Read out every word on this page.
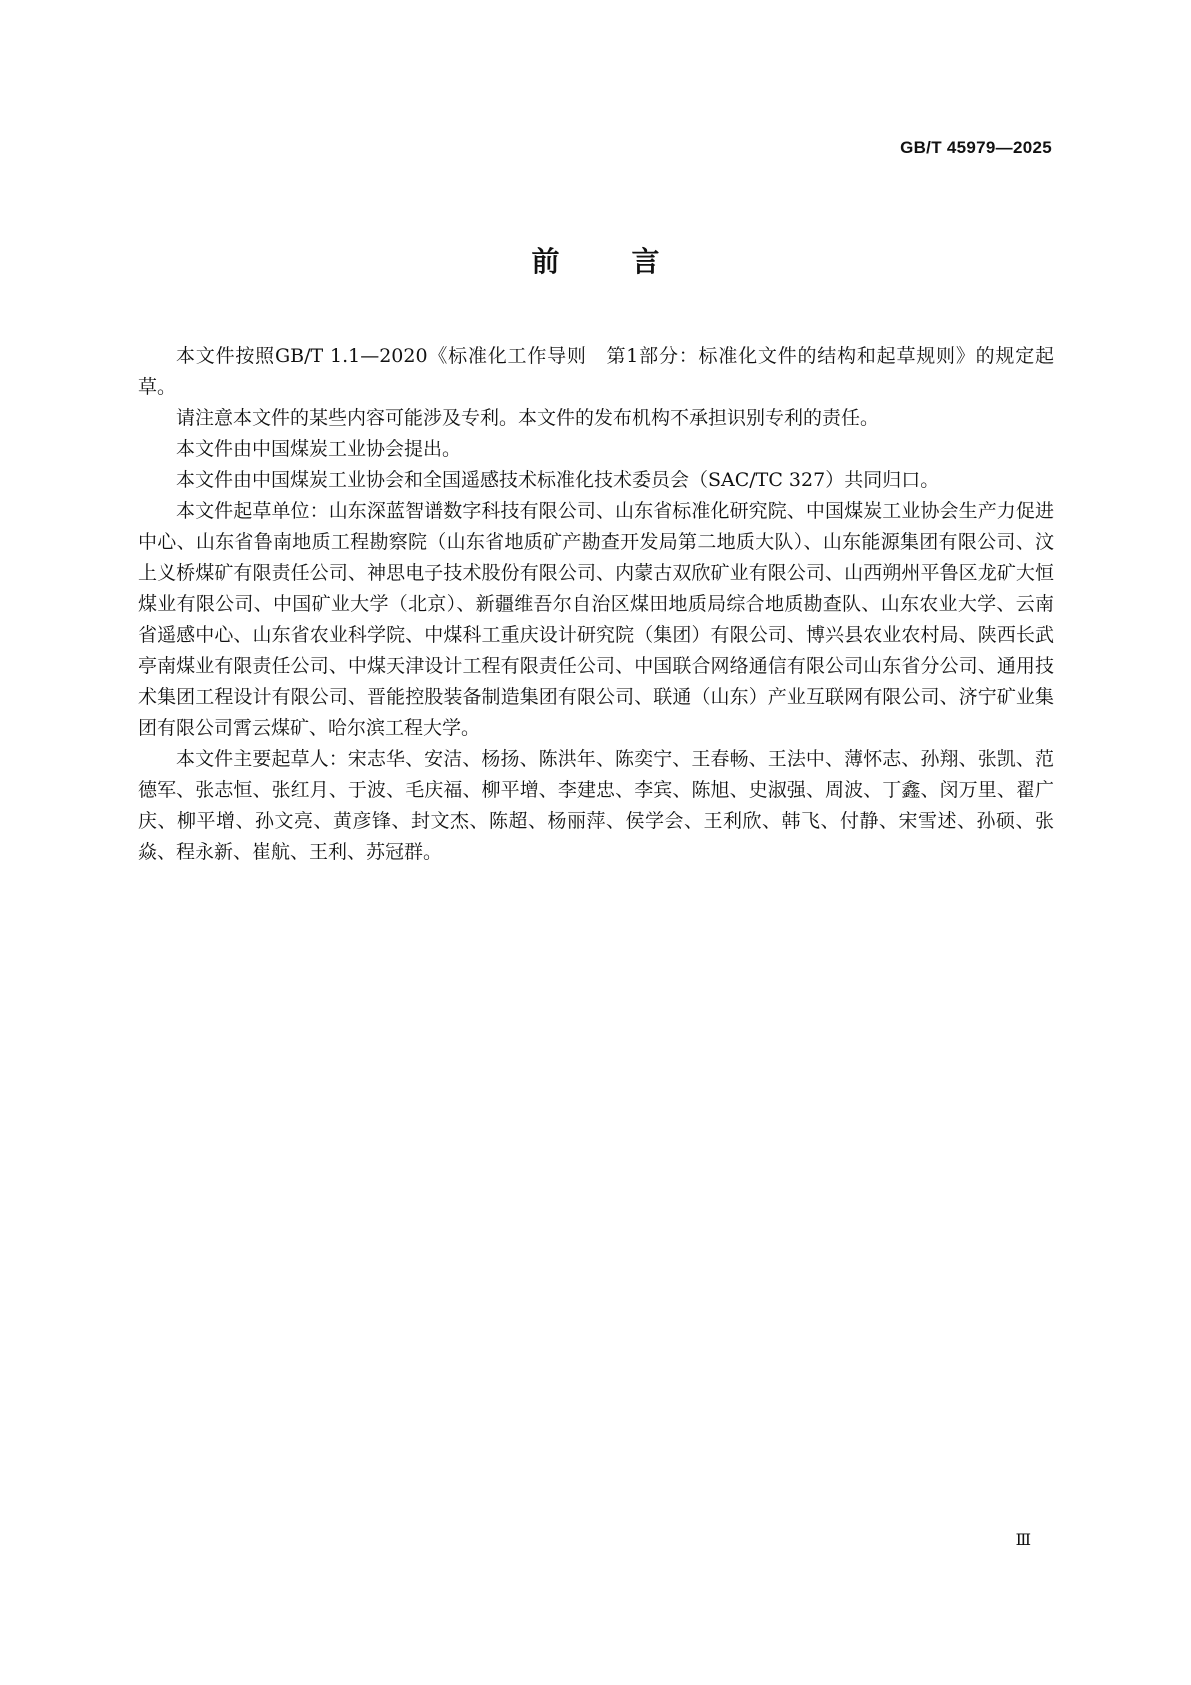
GB/T 45979—2025
前言

本文件按照GB/T 1.1—2020《标准化工作导则　第1部分：标准化文件的结构和起草规则》的规定起草。

请注意本文件的某些内容可能涉及专利。本文件的发布机构不承担识别专利的责任。

本文件由中国煤炭工业协会提出。

本文件由中国煤炭工业协会和全国遥感技术标准化技术委员会（SAC/TC 327）共同归口。

本文件起草单位：山东深蓝智谱数字科技有限公司、山东省标准化研究院、中国煤炭工业协会生产力促进中心、山东省鲁南地质工程勘察院（山东省地质矿产勘查开发局第二地质大队）、山东能源集团有限公司、汶上义桥煤矿有限责任公司、神思电子技术股份有限公司、内蒙古双欣矿业有限公司、山西朔州平鲁区龙矿大恒煤业有限公司、中国矿业大学（北京）、新疆维吾尔自治区煤田地质局综合地质勘查队、山东农业大学、云南省遥感中心、山东省农业科学院、中煤科工重庆设计研究院（集团）有限公司、博兴县农业农村局、陕西长武亭南煤业有限责任公司、中煤天津设计工程有限责任公司、中国联合网络通信有限公司山东省分公司、通用技术集团工程设计有限公司、晋能控股装备制造集团有限公司、联通（山东）产业互联网有限公司、济宁矿业集团有限公司霄云煤矿、哈尔滨工程大学。

本文件主要起草人：宋志华、安洁、杨扬、陈洪年、陈奕宁、王春畅、王法中、薄怀志、孙翔、张凯、范德军、张志恒、张红月、于波、毛庆福、柳平增、李建忠、李宾、陈旭、史淑强、周波、丁鑫、闵万里、翟广庆、柳平增、孙文亮、黄彦锋、封文杰、陈超、杨丽萍、侯学会、王利欣、韩飞、付静、宋雪述、孙硕、张焱、程永新、崔航、王利、苏冠群。

Ⅲ
